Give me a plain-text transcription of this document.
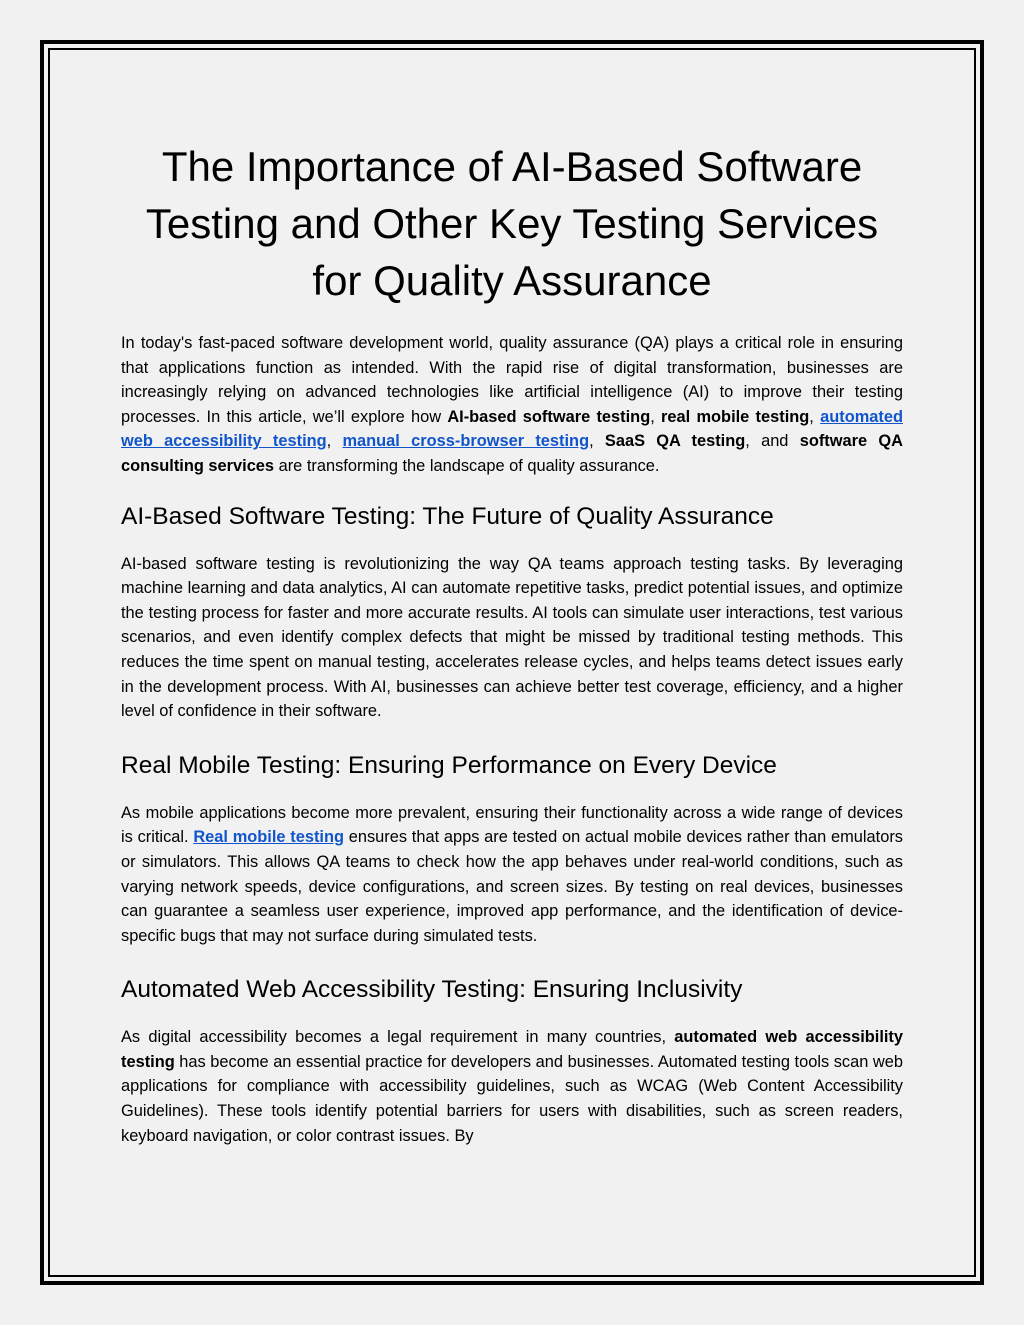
The Importance of AI-Based Software Testing and Other Key Testing Services for Quality Assurance

In today's fast-paced software development world, quality assurance (QA) plays a critical role in ensuring that applications function as intended. With the rapid rise of digital transformation, businesses are increasingly relying on advanced technologies like artificial intelligence (AI) to improve their testing processes. In this article, we’ll explore how AI-based software testing, real mobile testing, automated web accessibility testing, manual cross-browser testing, SaaS QA testing, and software QA consulting services are transforming the landscape of quality assurance.

AI-Based Software Testing: The Future of Quality Assurance

AI-based software testing is revolutionizing the way QA teams approach testing tasks. By leveraging machine learning and data analytics, AI can automate repetitive tasks, predict potential issues, and optimize the testing process for faster and more accurate results. AI tools can simulate user interactions, test various scenarios, and even identify complex defects that might be missed by traditional testing methods. This reduces the time spent on manual testing, accelerates release cycles, and helps teams detect issues early in the development process. With AI, businesses can achieve better test coverage, efficiency, and a higher level of confidence in their software.

Real Mobile Testing: Ensuring Performance on Every Device

As mobile applications become more prevalent, ensuring their functionality across a wide range of devices is critical. Real mobile testing ensures that apps are tested on actual mobile devices rather than emulators or simulators. This allows QA teams to check how the app behaves under real-world conditions, such as varying network speeds, device configurations, and screen sizes. By testing on real devices, businesses can guarantee a seamless user experience, improved app performance, and the identification of device-specific bugs that may not surface during simulated tests.

Automated Web Accessibility Testing: Ensuring Inclusivity

As digital accessibility becomes a legal requirement in many countries, automated web accessibility testing has become an essential practice for developers and businesses. Automated testing tools scan web applications for compliance with accessibility guidelines, such as WCAG (Web Content Accessibility Guidelines). These tools identify potential barriers for users with disabilities, such as screen readers, keyboard navigation, or color contrast issues. By
